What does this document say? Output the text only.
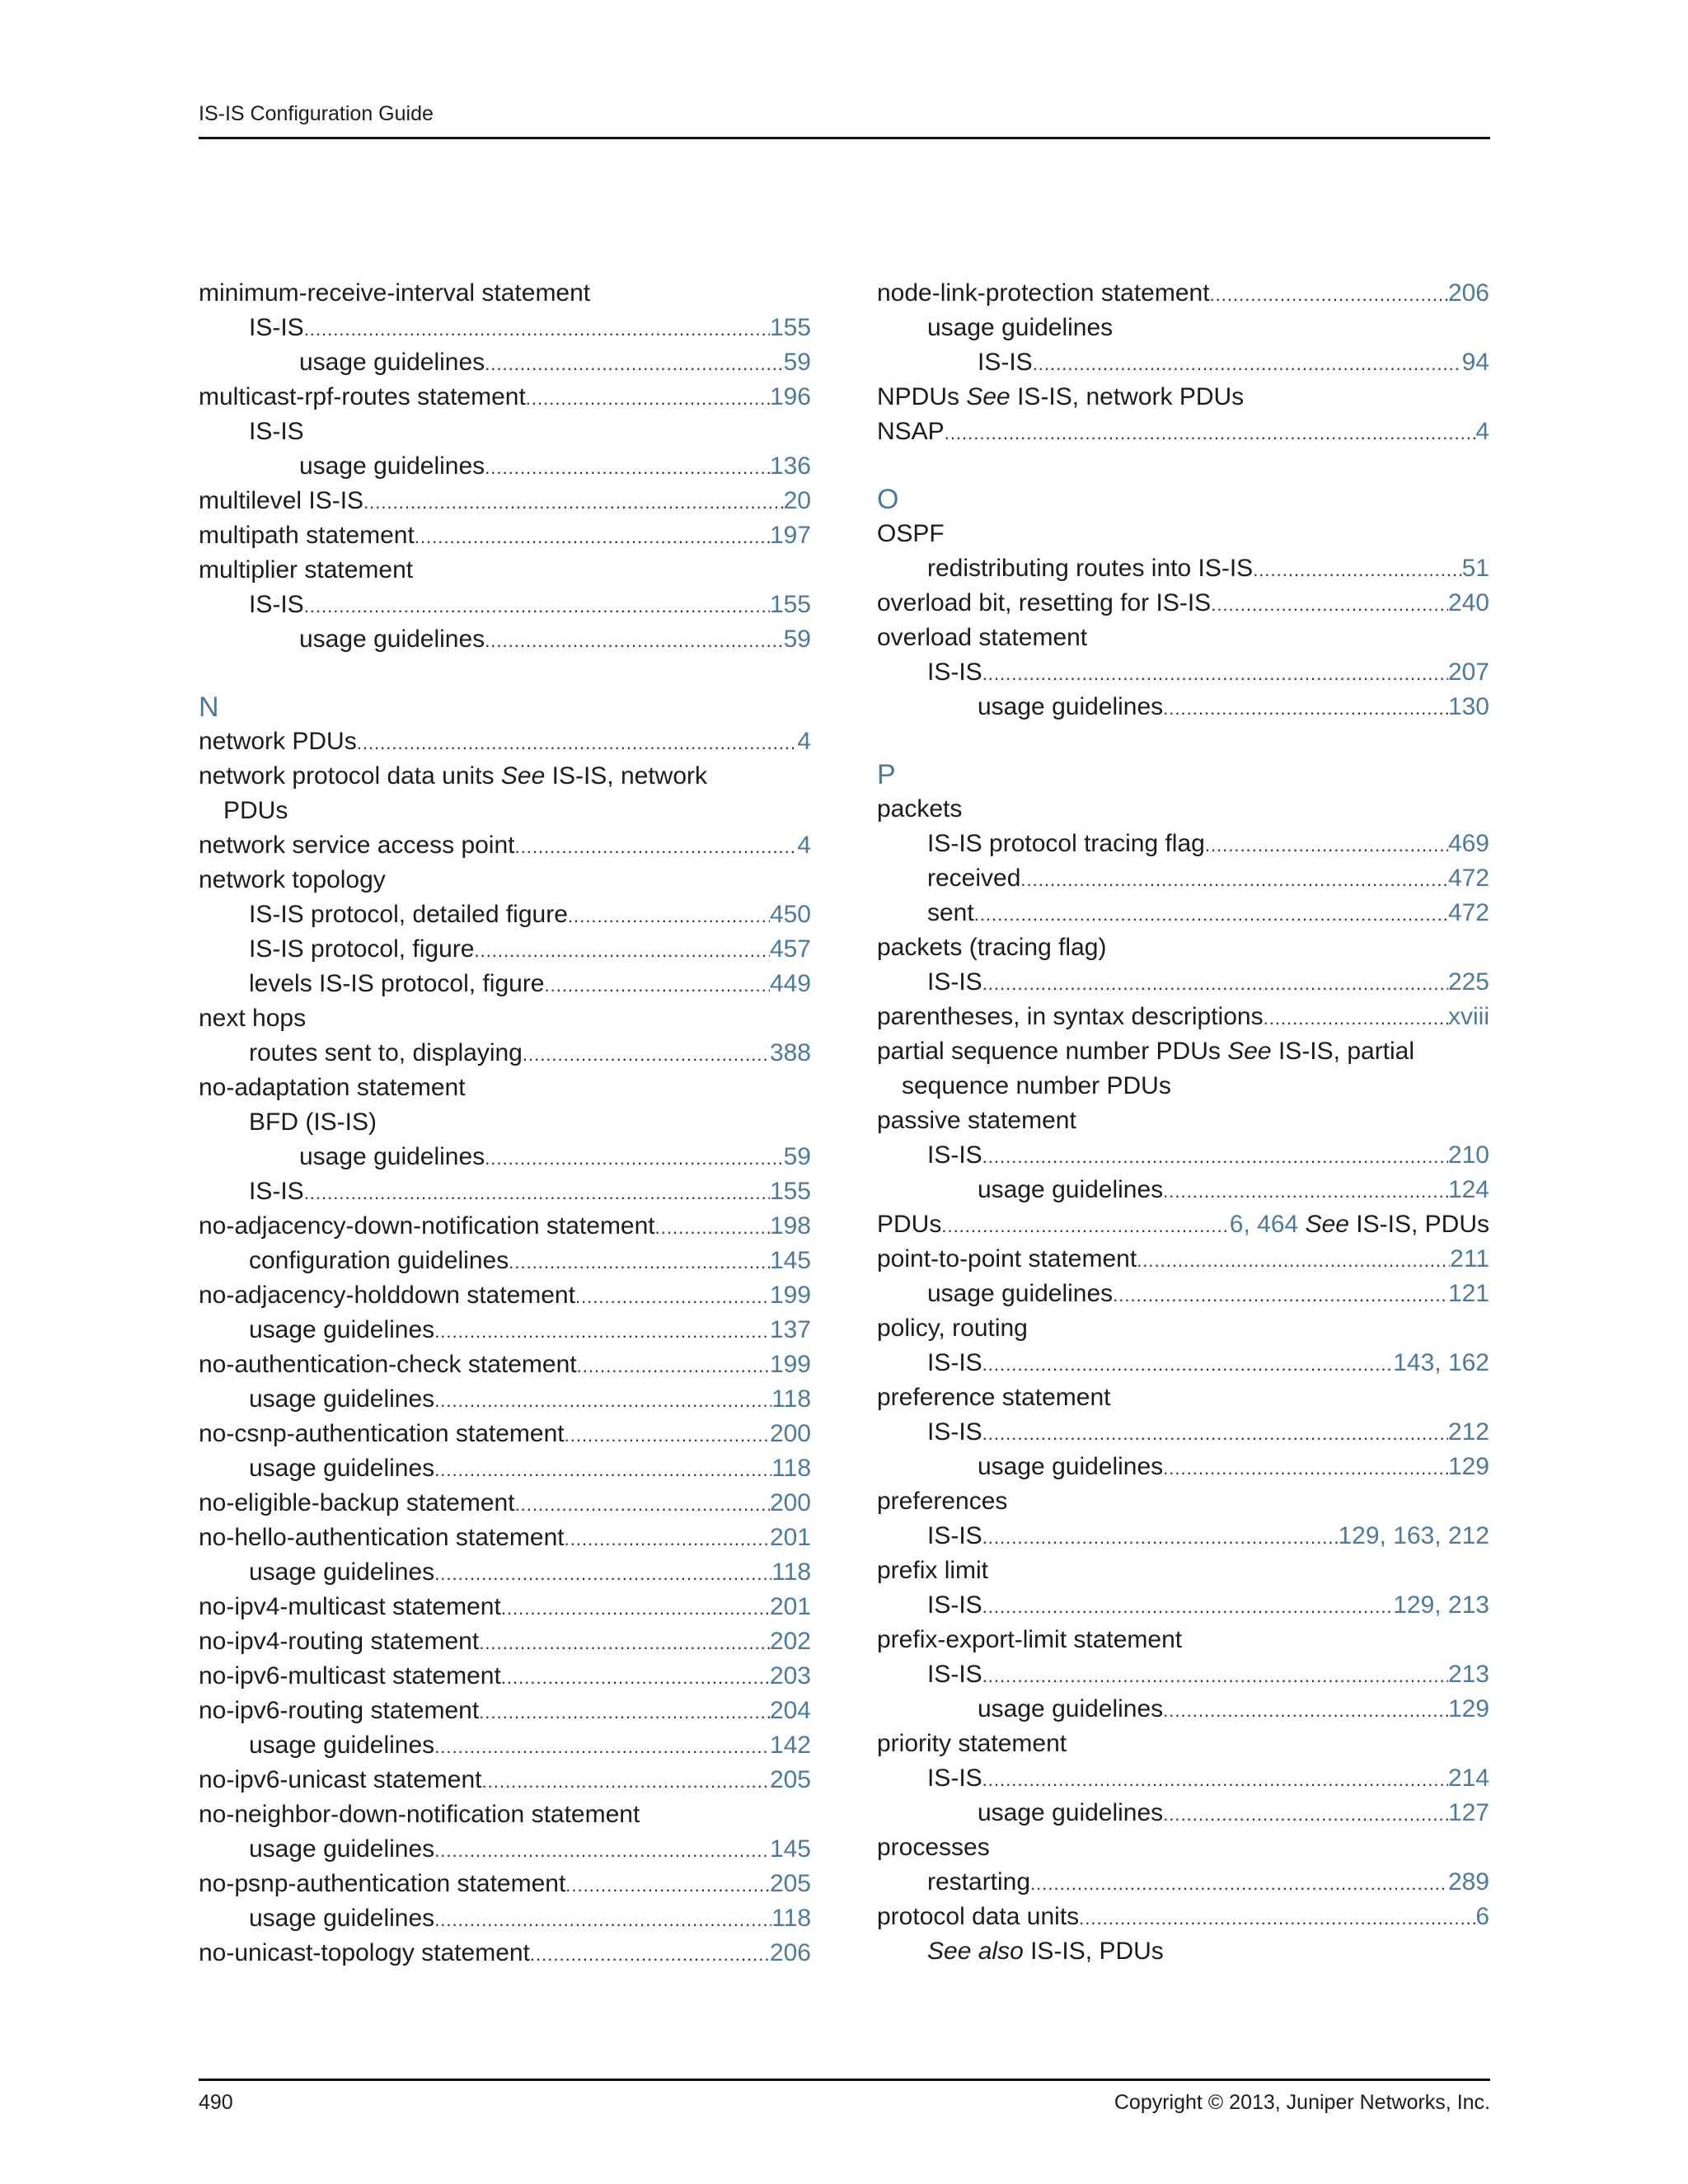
IS-IS Configuration Guide
minimum-receive-interval statement
IS-IS .....	155
usage guidelines .....	59
multicast-rpf-routes statement .....	196
IS-IS
usage guidelines .....	136
multilevel IS-IS .....	20
multipath statement .....	197
multiplier statement
IS-IS .....	155
usage guidelines .....	59
N
network PDUs .....	4
network protocol data units See IS-IS, network
PDUs
network service access point .....	4
network topology
IS-IS protocol, detailed figure .....	450
IS-IS protocol, figure .....	457
levels IS-IS protocol, figure .....	449
next hops
routes sent to, displaying .....	388
no-adaptation statement
BFD (IS-IS)
usage guidelines .....	59
IS-IS .....	155
no-adjacency-down-notification statement .....	198
configuration guidelines .....	145
no-adjacency-holddown statement .....	199
usage guidelines .....	137
no-authentication-check statement .....	199
usage guidelines .....	118
no-csnp-authentication statement .....	200
usage guidelines .....	118
no-eligible-backup statement .....	200
no-hello-authentication statement .....	201
usage guidelines .....	118
no-ipv4-multicast statement .....	201
no-ipv4-routing statement .....	202
no-ipv6-multicast statement .....	203
no-ipv6-routing statement .....	204
usage guidelines .....	142
no-ipv6-unicast statement .....	205
no-neighbor-down-notification statement
usage guidelines .....	145
no-psnp-authentication statement .....	205
usage guidelines .....	118
no-unicast-topology statement .....	206
node-link-protection statement .....	206
usage guidelines
IS-IS .....	94
NPDUs See IS-IS, network PDUs
NSAP .....	4
O
OSPF
redistributing routes into IS-IS .....	51
overload bit, resetting for IS-IS .....	240
overload statement
IS-IS .....	207
usage guidelines .....	130
P
packets
IS-IS protocol tracing flag .....	469
received .....	472
sent .....	472
packets (tracing flag)
IS-IS .....	225
parentheses, in syntax descriptions .....	xviii
partial sequence number PDUs See IS-IS, partial
sequence number PDUs
passive statement
IS-IS .....	210
usage guidelines .....	124
PDUs .....	6, 464 See IS-IS, PDUs
point-to-point statement .....	211
usage guidelines .....	121
policy, routing
IS-IS .....	143, 162
preference statement
IS-IS .....	212
usage guidelines .....	129
preferences
IS-IS .....	129, 163, 212
prefix limit
IS-IS .....	129, 213
prefix-export-limit statement
IS-IS .....	213
usage guidelines .....	129
priority statement
IS-IS .....	214
usage guidelines .....	127
processes
restarting .....	289
protocol data units .....	6
See also IS-IS, PDUs
490	Copyright © 2013, Juniper Networks, Inc.
